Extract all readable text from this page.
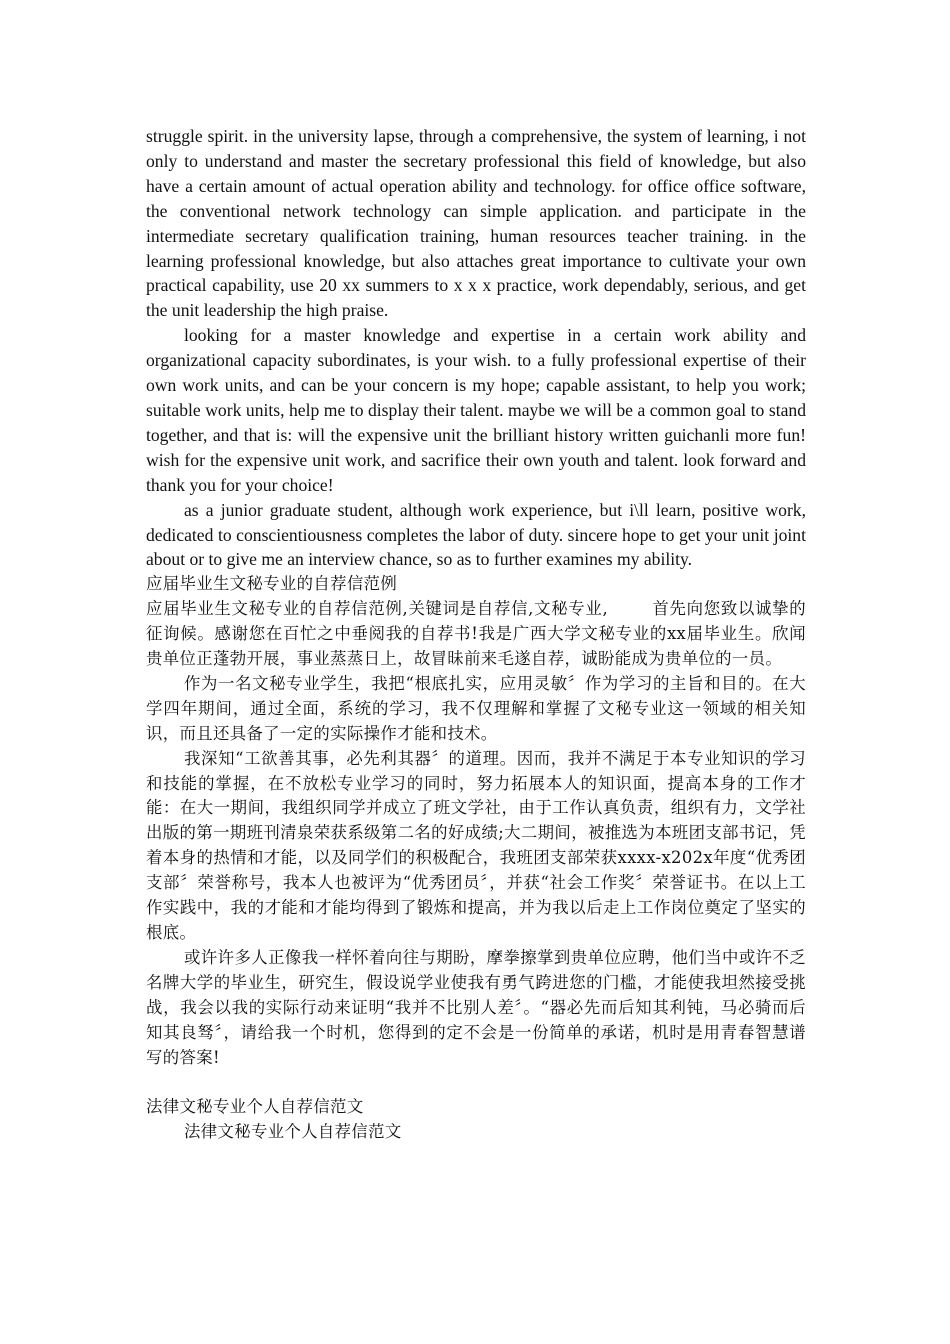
struggle spirit. in the university lapse, through a comprehensive, the system of learning, i not only to understand and master the secretary professional this field of knowledge, but also have a certain amount of actual operation ability and technology. for office office software, the conventional network technology can simple application. and participate in the intermediate secretary qualification training, human resources teacher training. in the learning professional knowledge, but also attaches great importance to cultivate your own practical capability, use 20 xx summers to x x x practice, work dependably, serious, and get the unit leadership the high praise.

looking for a master knowledge and expertise in a certain work ability and organizational capacity subordinates, is your wish. to a fully professional expertise of their own work units, and can be your concern is my hope; capable assistant, to help you work; suitable work units, help me to display their talent. maybe we will be a common goal to stand together, and that is: will the expensive unit the brilliant history written guichanli more fun! wish for the expensive unit work, and sacrifice their own youth and talent. look forward and thank you for your choice!

as a junior graduate student, although work experience, but i\ll learn, positive work, dedicated to conscientiousness completes the labor of duty. sincere hope to get your unit joint about or to give me an interview chance, so as to further examines my ability.

应届毕业生文秘专业的自荐信范例

应届毕业生文秘专业的自荐信范例,关键词是自荐信,文秘专业,	首先向您致以诚挚的征询候。感谢您在百忙之中垂阅我的自荐书!我是广西大学文秘专业的xx届毕业生。欣闻贵单位正蓬勃开展，事业蒸蒸日上，故冒昧前来毛遂自荐，诚盼能成为贵单位的一员。

作为一名文秘专业学生，我把“根底扎实，应用灵敏〞作为学习的主旨和目的。在大学四年期间，通过全面，系统的学习，我不仅理解和掌握了文秘专业这一领域的相关知识，而且还具备了一定的实际操作才能和技术。

我深知“工欲善其事，必先利其器〞的道理。因而，我并不满足于本专业知识的学习和技能的掌握，在不放松专业学习的同时，努力拓展本人的知识面，提高本身的工作才能：在大一期间，我组织同学并成立了班文学社，由于工作认真负责，组织有力，文学社出版的第一期班刊清泉荣获系级第二名的好成绩;大二期间，被推选为本班团支部书记，凭着本身的热情和才能，以及同学们的积极配合，我班团支部荣获xxxx-x202x年度“优秀团支部〞荣誉称号，我本人也被评为“优秀团员〞，并获“社会工作奖〞荣誉证书。在以上工作实践中，我的才能和才能均得到了锻炼和提高，并为我以后走上工作岗位奠定了坚实的根底。

或许许多人正像我一样怀着向往与期盼，摩拳擦掌到贵单位应聘，他们当中或许不乏名牌大学的毕业生，研究生，假设说学业使我有勇气跨进您的门槛，才能使我坦然接受挑战，我会以我的实际行动来证明“我并不比别人差〞。“器必先而后知其利钝，马必骑而后知其良驽〞，请给我一个时机，您得到的定不会是一份简单的承诺，机时是用青春智慧谱写的答案!

法律文秘专业个人自荐信范文

法律文秘专业个人自荐信范文
